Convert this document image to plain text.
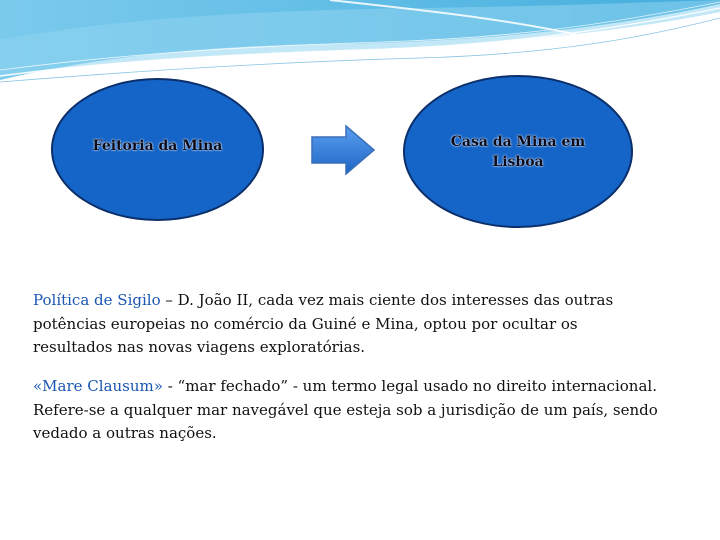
Feitoria da Mina	Casa da Mina em
Lisboa
Política de Sigilo – D. João II, cada vez mais ciente dos interesses das outras
potências europeias no comércio da Guiné e Mina, optou por ocultar os
resultados nas novas viagens exploratórias.
«Mare Clausum» - “mar fechado” - um termo legal usado no direito internacional.
Refere-se a qualquer mar navegável que esteja sob a jurisdição de um país, sendo
vedado a outras nações.
